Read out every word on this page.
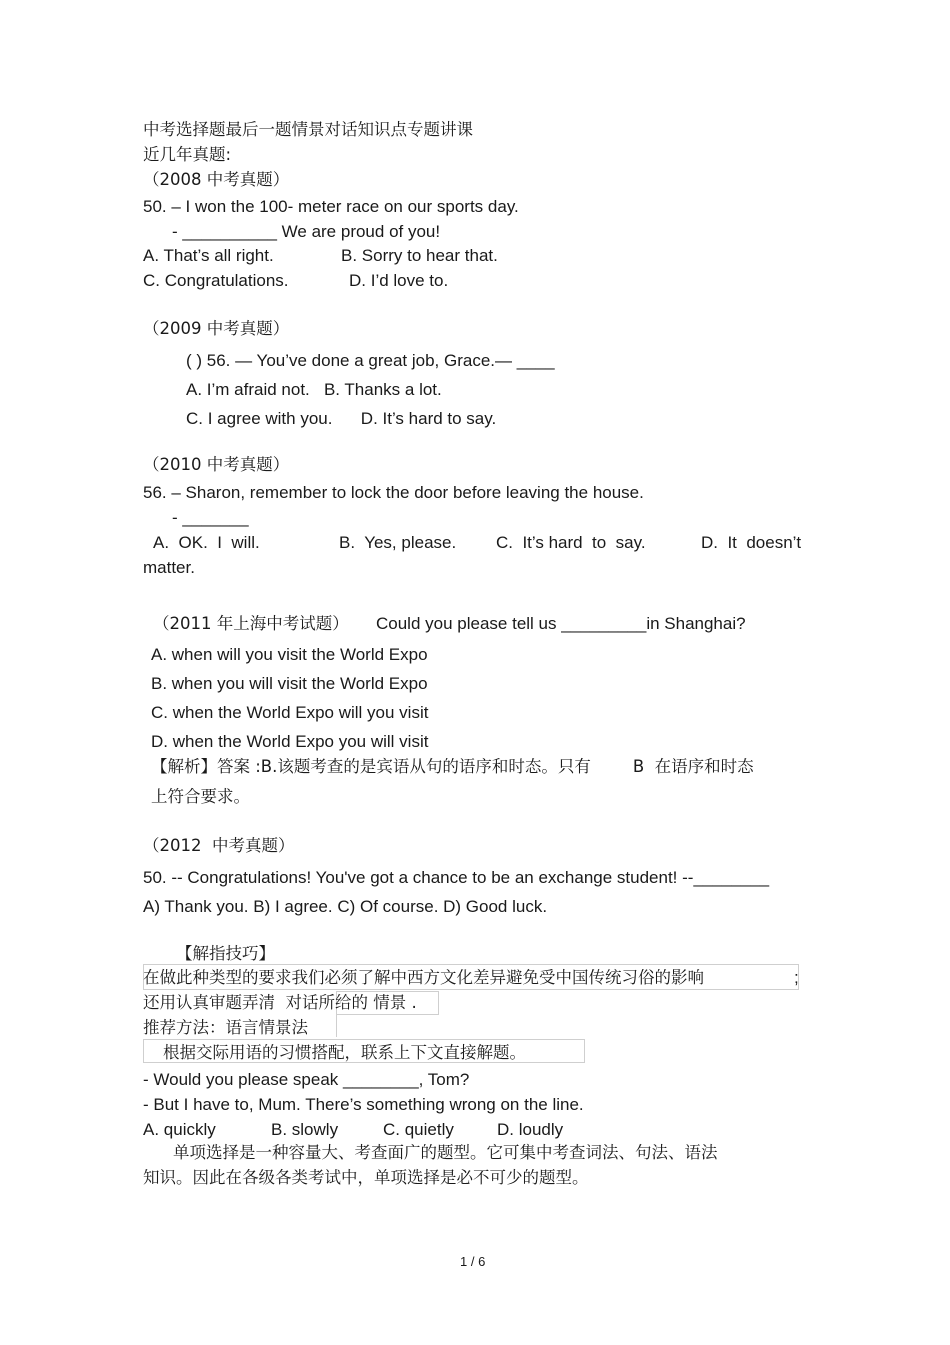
中考选择题最后一题情景对话知识点专题讲课
近几年真题:
（2008 中考真题）
50. – I won the 100- meter race on our sports day.
- __________ We are proud of you!
A. That’s all right.	B. Sorry to hear that.
C. Congratulations.	D. I’d love to.
（2009 中考真题）
( ) 56. — You’ve done a great job, Grace.— ____
A. I’m afraid not.   B. Thanks a lot.
C. I agree with you.      D. It’s hard to say.
（2010 中考真题）
56. – Sharon, remember to lock the door before leaving the house.
- _______
A.  OK.  I  will.	B.  Yes, please. C.  It’s hard  to  say.	D.  It  doesn’t
matter.
（2011 年上海中考试题） Could you please tell us _________in Shanghai?
A. when will you visit the World Expo
B. when you will visit the World Expo
C. when the World Expo will you visit
D. when the World Expo you will visit
【解析】答案 :B.该题考查的是宾语从句的语序和时态。只有        B  在语序和时态
上符合要求。
（2012  中考真题）
50. -- Congratulations! You've got a chance to be an exchange student! --________
A) Thank you. B) I agree. C) Of course. D) Good luck.
【解指技巧】
在做此种类型的要求我们必须了解中西方文化差异避免受中国传统习俗的影响	;
还用认真审题弄清  对话所给的 情景 .
推荐方法：语言情景法
根据交际用语的习惯搭配，联系上下文直接解题。
- Would you please speak ________, Tom?
- But I have to, Mum. There’s something wrong on the line.
A. quickly	B. slowly	C. quietly	D. loudly
单项选择是一种容量大、考查面广的题型。它可集中考查词法、句法、语法
知识。因此在各级各类考试中，单项选择是必不可少的题型。
1 / 6
